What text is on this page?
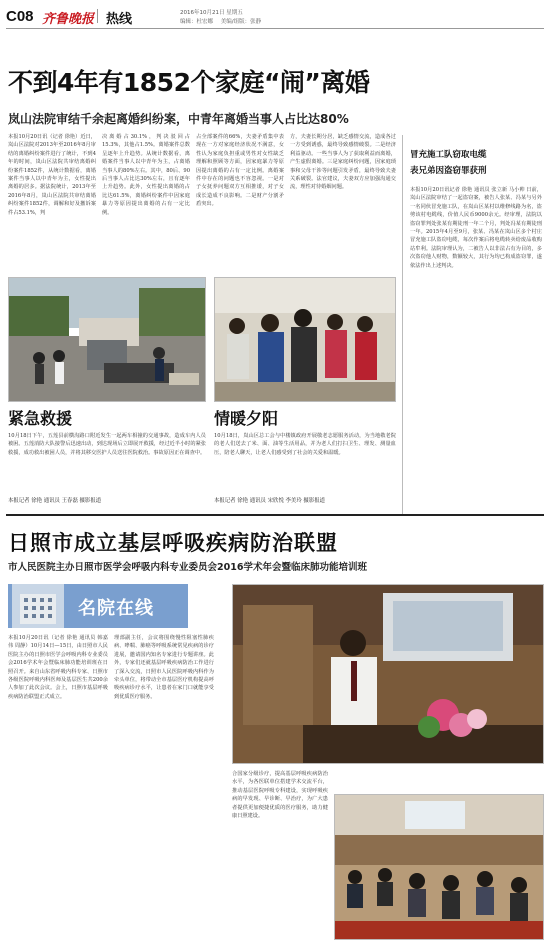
C08 齐鲁晚报 热线	2016年10月21日 星期五
编辑：杜宏娜 美编/组版：张静
不到4年有1852个家庭“闹”离婚
岚山法院审结千余起离婚纠纷案，中青年离婚当事人占比达80%
本报10月20日讯（记者 徐艳）近日，岚山区法院对2013年至2016年8月审结的离婚纠纷案件进行了统计，不到4年的时间，岚山区法院共审结离婚纠纷案件1852件，从统计数据看，离婚案件当事人以中青年为主，女性提出离婚的居多。据法院统计，2013年至2016年8月，岚山区法院共审结离婚纠纷案件1852件，调解和好及撤诉案件占53.1%，判
决离婚占30.1%，判决驳回占15.3%，其他占1.5%。离婚案件总数呈逐年上升趋势。从统计数据看，离婚案件当事人以中青年为主，占离婚当事人的80%左右。其中，80后、90后当事人占比达30%左右，且有逐年上升趋势。此外，女性提出离婚的占比达61.5%，离婚纠纷案件中因家庭暴力等原因提出离婚的占有一定比例。
占全部案件的66%，夫妻矛盾集中表现在一方对家庭经济状况不满意，女性认为家庭负担重或男性对女性缺乏理解和照顾等方面，因家庭暴力等原因提出离婚的占有一定比例。离婚案件中存在的问题也不容忽视。一是对子女抚养问题双方互相推诿，对子女成长造成不良影响。二是财产分割矛盾突出。
方，夫妻长期分居，缺乏感情交流，造成各过一方受到诱惑，最终导致感情破裂。二是经济利益驱动。一些当事人为了获取利益而离婚，产生虚假离婚。三是家庭纠纷问题，因家庭琐事和父母干涉等问题引发矛盾，最终导致夫妻关系破裂。法官建议，夫妻双方应加强沟通交流，理性对待婚姻问题。
冒充施工队窃取电缆
表兄弟因盗窃罪获刑
本报10月20日讯记者 徐艳 通讯员 张立新 马小帅 日前，岚山区法院审结了一起盗窃案，被告人张某、冯某与另外一名同伙冒充施工队，在岚山区某村以维修线路为名，盗剪该村电缆线，价值人民币9000余元。经审理，法院以盗窃罪判处张某有期徒刑一年二个月，判处冯某有期徒刑一年。2015年4月至9月，张某、冯某在岚山区多个村庄冒充施工队盗窃电缆，每次作案后将电缆转卖给废品收购站牟利。法院审理认为，二被告人以非法占有为目的，多次盗窃他人财物，数额较大，其行为均已构成盗窃罪，遂依法作出上述判决。
紧急救援
10月18日下午，五莲县前横沟路口附近发生一起两车相撞的交通事故，造成车内人员被困。五莲消防大队接警后迅速出动，到达现场后立即展开救援，经过近半小时的紧张救援，成功救出被困人员，并将其移交医护人员送往医院救治。事故原因正在调查中。
本报记者 徐艳 通讯员 王春磊 摄影报道
情暖夕阳
10月18日，岚山区总工会与中楼镇政府开展敬老志愿服务活动，为当地敬老院的老人们送去了米、面、油等生活用品，并为老人们打扫卫生、理发、测量血压，陪老人聊天，让老人们感受到了社会的关爱和温暖。
本报记者 徐艳 通讯员 宋欣悦 李美玲 摄影报道
日照市成立基层呼吸疾病防治联盟
市人民医院主办日照市医学会呼吸内科专业委员会2016学术年会暨临床肺功能培训班
名院在线
本报10月20日讯（记者 徐艳 通讯员 韩嘉伟 周静）10月14日—15日，由日照市人民医院主办的日照市医学会呼吸内科专业委员会2016学术年会暨临床肺功能培训班在日照召开。来自山东省呼吸内科专家、日照市各级医院呼吸内科医师及基层医生共200余人参加了此次会议。会上，日照市基层呼吸疾病防治联盟正式成立。
理部副主任，会议将围绕慢性阻塞性肺疾病、哮喘、肺癌等呼吸系统常见疾病的诊疗进展，邀请国内知名专家进行专题讲座。此外，专家们还就基层呼吸疾病防治工作进行了深入交流，日照市人民医院呼吸内科作为牵头单位，将带动全市基层医疗机构提高呼吸疾病诊疗水平，让患者在家门口就能享受到优质医疗服务。
合国家分级诊疗，提高基层呼吸疾病防治水平，为各医联单位搭建学术交流平台，推动基层医院呼吸专科建设，实现呼吸疾病的早发现、早诊断、早治疗，为广大患者提供更加便捷优质的医疗服务，助力健康日照建设。
